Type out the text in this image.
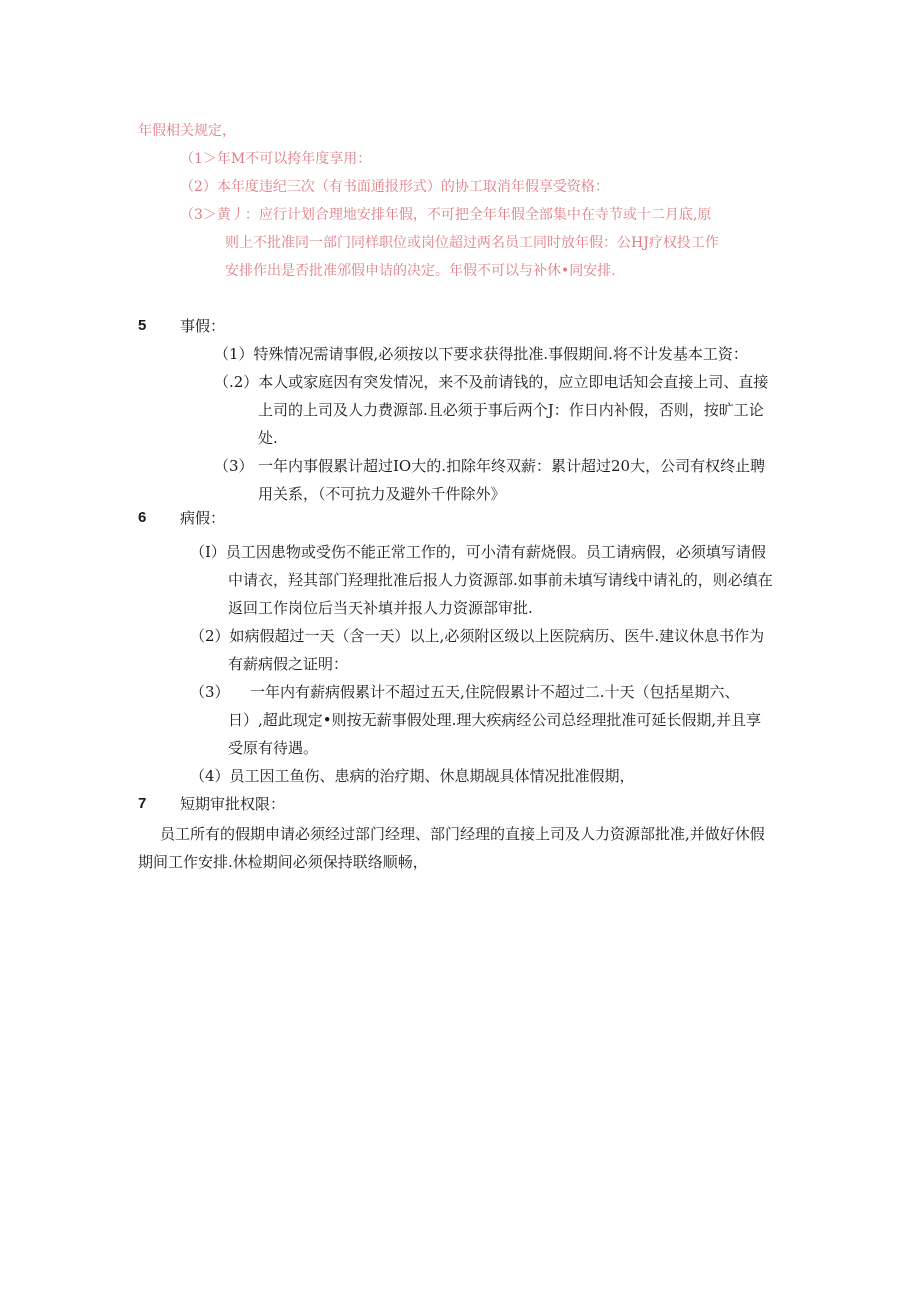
年假相关规定，
（1＞年M不可以挎年度享用：
（2）本年度违纪三次（有书面通报形式）的协工取消年假享受资格：
（3＞黄丿：应行计划合理地安排年假，不可把全年年假全部集中在寺节或十二月底,原
则上不批准同一部门同样职位或岗位超过两名员工同时放年假：公HJ疗权投工作
安排作出是否批准邠假申诘的决定。年假不可以与补休•同安排.
5 事假：
（1）特殊情况需请事假,必须按以下要求获得批准.事假期间.将不计发基本工资：
（.2）本人或家庭因有突发情况，来不及前请钱的，应立即电话知会直接上司、直接
上司的上司及人力费源部.且必须于事后两个J：作日内补假，否则，按旷工论
处.
（3） 一年内事假累计超过IO大的.扣除年终双薪：累计超过20大，公司有权终止聘
用关系，（不可抗力及避外千件除外》
6 病假：
（I）员工因患物或受伤不能正常工作的，可小清有薪烧假。员工请病假，必须填写请假
中请衣，羟其部门羟理批准后报人力资源部.如事前未填写请线中请礼的，则必缜在
返回工作岗位后当天补填并报人力资源部审批.
（2）如病假超过一天（含一天）以上,必须附区级以上医院病历、医牛.建议休息书作为
有薪病假之证明：
（3） 一年内有薪病假累计不超过五天,住院假累计不超过二.十天（包括星期六、
日）,超此现定•则按无薪事假处理.理大疾病经公司总经理批准可延长假期,并且享
受原有待遇。
（4）员工因工鱼伤、患病的治疗期、休息期觇具体情况批准假期，
7 短期审批权限：
员工所有的假期申请必须经过部门经理、部门经理的直接上司及人力资源部批准,并做好休假
期间工作安排.休检期间必须保持联络顺畅，
